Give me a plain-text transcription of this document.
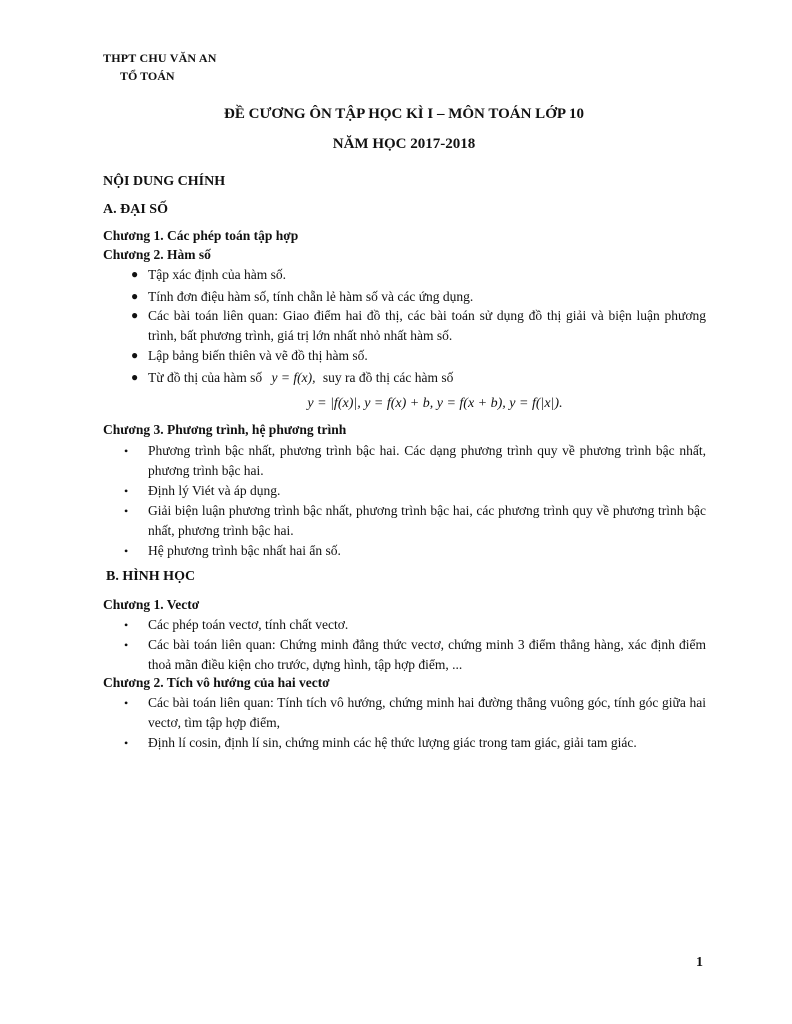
THPT CHU VĂN AN
TỔ TOÁN
ĐỀ CƯƠNG ÔN TẬP HỌC KÌ I – MÔN TOÁN LỚP 10
NĂM HỌC 2017-2018
NỘI DUNG CHÍNH
A. ĐẠI SỐ
Chương 1. Các phép toán tập hợp
Chương 2. Hàm số
● Tập xác định của hàm số.
● Tính đơn điệu hàm số, tính chẵn lẻ hàm số và các ứng dụng.
● Các bài toán liên quan: Giao điểm hai đồ thị, các bài toán sử dụng đồ thị giải và biện luận phương trình, bất phương trình, giá trị lớn nhất nhỏ nhất hàm số.
● Lập bảng biến thiên và vẽ đồ thị hàm số.
● Từ đồ thị của hàm số y = f(x), suy ra đồ thị các hàm số
y = |f(x)|, y = f(x) + b, y = f(x + b), y = f(|x|).
Chương 3. Phương trình, hệ phương trình
• Phương trình bậc nhất, phương trình bậc hai. Các dạng phương trình quy về phương trình bậc nhất, phương trình bậc hai.
• Định lý Viét và áp dụng.
• Giải biện luận phương trình bậc nhất, phương trình bậc hai, các phương trình quy về phương trình bậc nhất, phương trình bậc hai.
• Hệ phương trình bậc nhất hai ẩn số.
B. HÌNH HỌC
Chương 1. Vectơ
• Các phép toán vectơ, tính chất vectơ.
• Các bài toán liên quan: Chứng minh đẳng thức vectơ, chứng minh 3 điểm thẳng hàng, xác định điểm thoả mãn điều kiện cho trước, dựng hình, tập hợp điểm, ...
Chương 2. Tích vô hướng của hai vectơ
• Các bài toán liên quan: Tính tích vô hướng, chứng minh hai đường thẳng vuông góc, tính góc giữa hai vectơ, tìm tập hợp điểm,
• Định lí cosin, định lí sin, chứng minh các hệ thức lượng giác trong tam giác, giải tam giác.
1
